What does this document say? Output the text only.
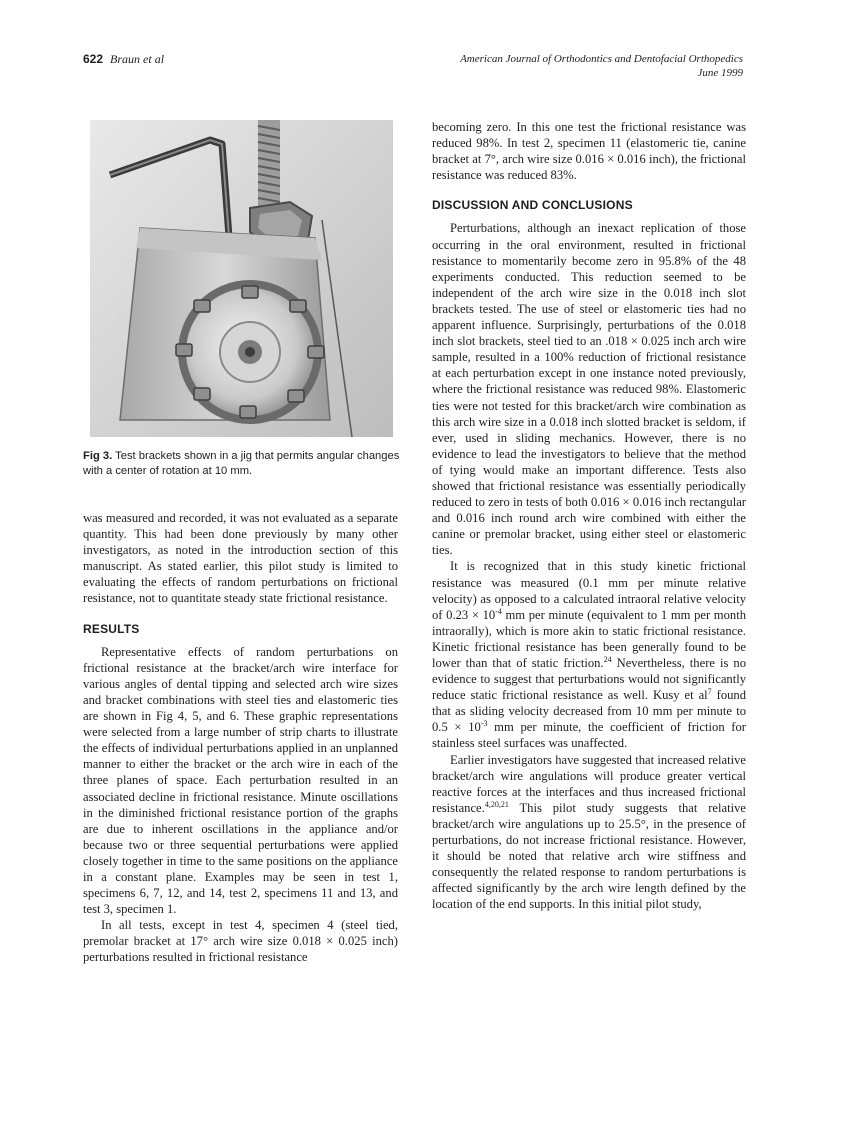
622 Braun et al	American Journal of Orthodontics and Dentofacial Orthopedics
June 1999
Fig 3. Test brackets shown in a jig that permits angular changes with a center of rotation at 10 mm.

was measured and recorded, it was not evaluated as a separate quantity. This had been done previously by many other investigators, as noted in the introduction section of this manuscript. As stated earlier, this pilot study is limited to evaluating the effects of random perturbations on frictional resistance, not to quantitate steady state frictional resistance.

RESULTS

Representative effects of random perturbations on frictional resistance at the bracket/arch wire interface for various angles of dental tipping and selected arch wire sizes and bracket combinations with steel ties and elastomeric ties are shown in Fig 4, 5, and 6. These graphic representations were selected from a large number of strip charts to illustrate the effects of individual perturbations applied in an unplanned manner to either the bracket or the arch wire in each of the three planes of space. Each perturbation resulted in an associated decline in frictional resistance. Minute oscillations in the diminished frictional resistance portion of the graphs are due to inherent oscillations in the appliance and/or because two or three sequential perturbations were applied closely together in time to the same positions on the appliance in a constant plane. Examples may be seen in test 1, specimens 6, 7, 12, and 14, test 2, specimens 11 and 13, and test 3, specimen 1.

In all tests, except in test 4, specimen 4 (steel tied, premolar bracket at 17° arch wire size 0.018 × 0.025 inch) perturbations resulted in frictional resistance

becoming zero. In this one test the frictional resistance was reduced 98%. In test 2, specimen 11 (elastomeric tie, canine bracket at 7°, arch wire size 0.016 × 0.016 inch), the frictional resistance was reduced 83%.

DISCUSSION AND CONCLUSIONS

Perturbations, although an inexact replication of those occurring in the oral environment, resulted in frictional resistance to momentarily become zero in 95.8% of the 48 experiments conducted. This reduction seemed to be independent of the arch wire size in the 0.018 inch slot brackets tested. The use of steel or elastomeric ties had no apparent influence. Surprisingly, perturbations of the 0.018 inch slot brackets, steel tied to an .018 × 0.025 inch arch wire sample, resulted in a 100% reduction of frictional resistance at each perturbation except in one instance noted previously, where the frictional resistance was reduced 98%. Elastomeric ties were not tested for this bracket/arch wire combination as this arch wire size in a 0.018 inch slotted bracket is seldom, if ever, used in sliding mechanics. However, there is no evidence to lead the investigators to believe that the method of tying would make an important difference. Tests also showed that frictional resistance was essentially periodically reduced to zero in tests of both 0.016 × 0.016 inch rectangular and 0.016 inch round arch wire combined with either the canine or premolar bracket, using either steel or elastomeric ties.

It is recognized that in this study kinetic frictional resistance was measured (0.1 mm per minute relative velocity) as opposed to a calculated intraoral relative velocity of $0.23 \times 10^{-4}$ mm per minute (equivalent to 1 mm per month intraorally), which is more akin to static frictional resistance. Kinetic frictional resistance has been generally found to be lower than that of static friction.$^{24}$ Nevertheless, there is no evidence to suggest that perturbations would not significantly reduce static frictional resistance as well. Kusy et $al^7$ found that as sliding velocity decreased from 10 mm per minute to $0.5 \times 10^{-3}$ mm per minute, the coefficient of friction for stainless steel surfaces was unaffected.

Earlier investigators have suggested that increased relative bracket/arch wire angulations will produce greater vertical reactive forces at the interfaces and thus increased frictional resistance.$^{4,20,21}$ This pilot study suggests that relative bracket/arch wire angulations up to 25.5°, in the presence of perturbations, do not increase frictional resistance. However, it should be noted that relative arch wire stiffness and consequently the related response to random perturbations is affected significantly by the arch wire length defined by the location of the end supports. In this initial pilot study,
